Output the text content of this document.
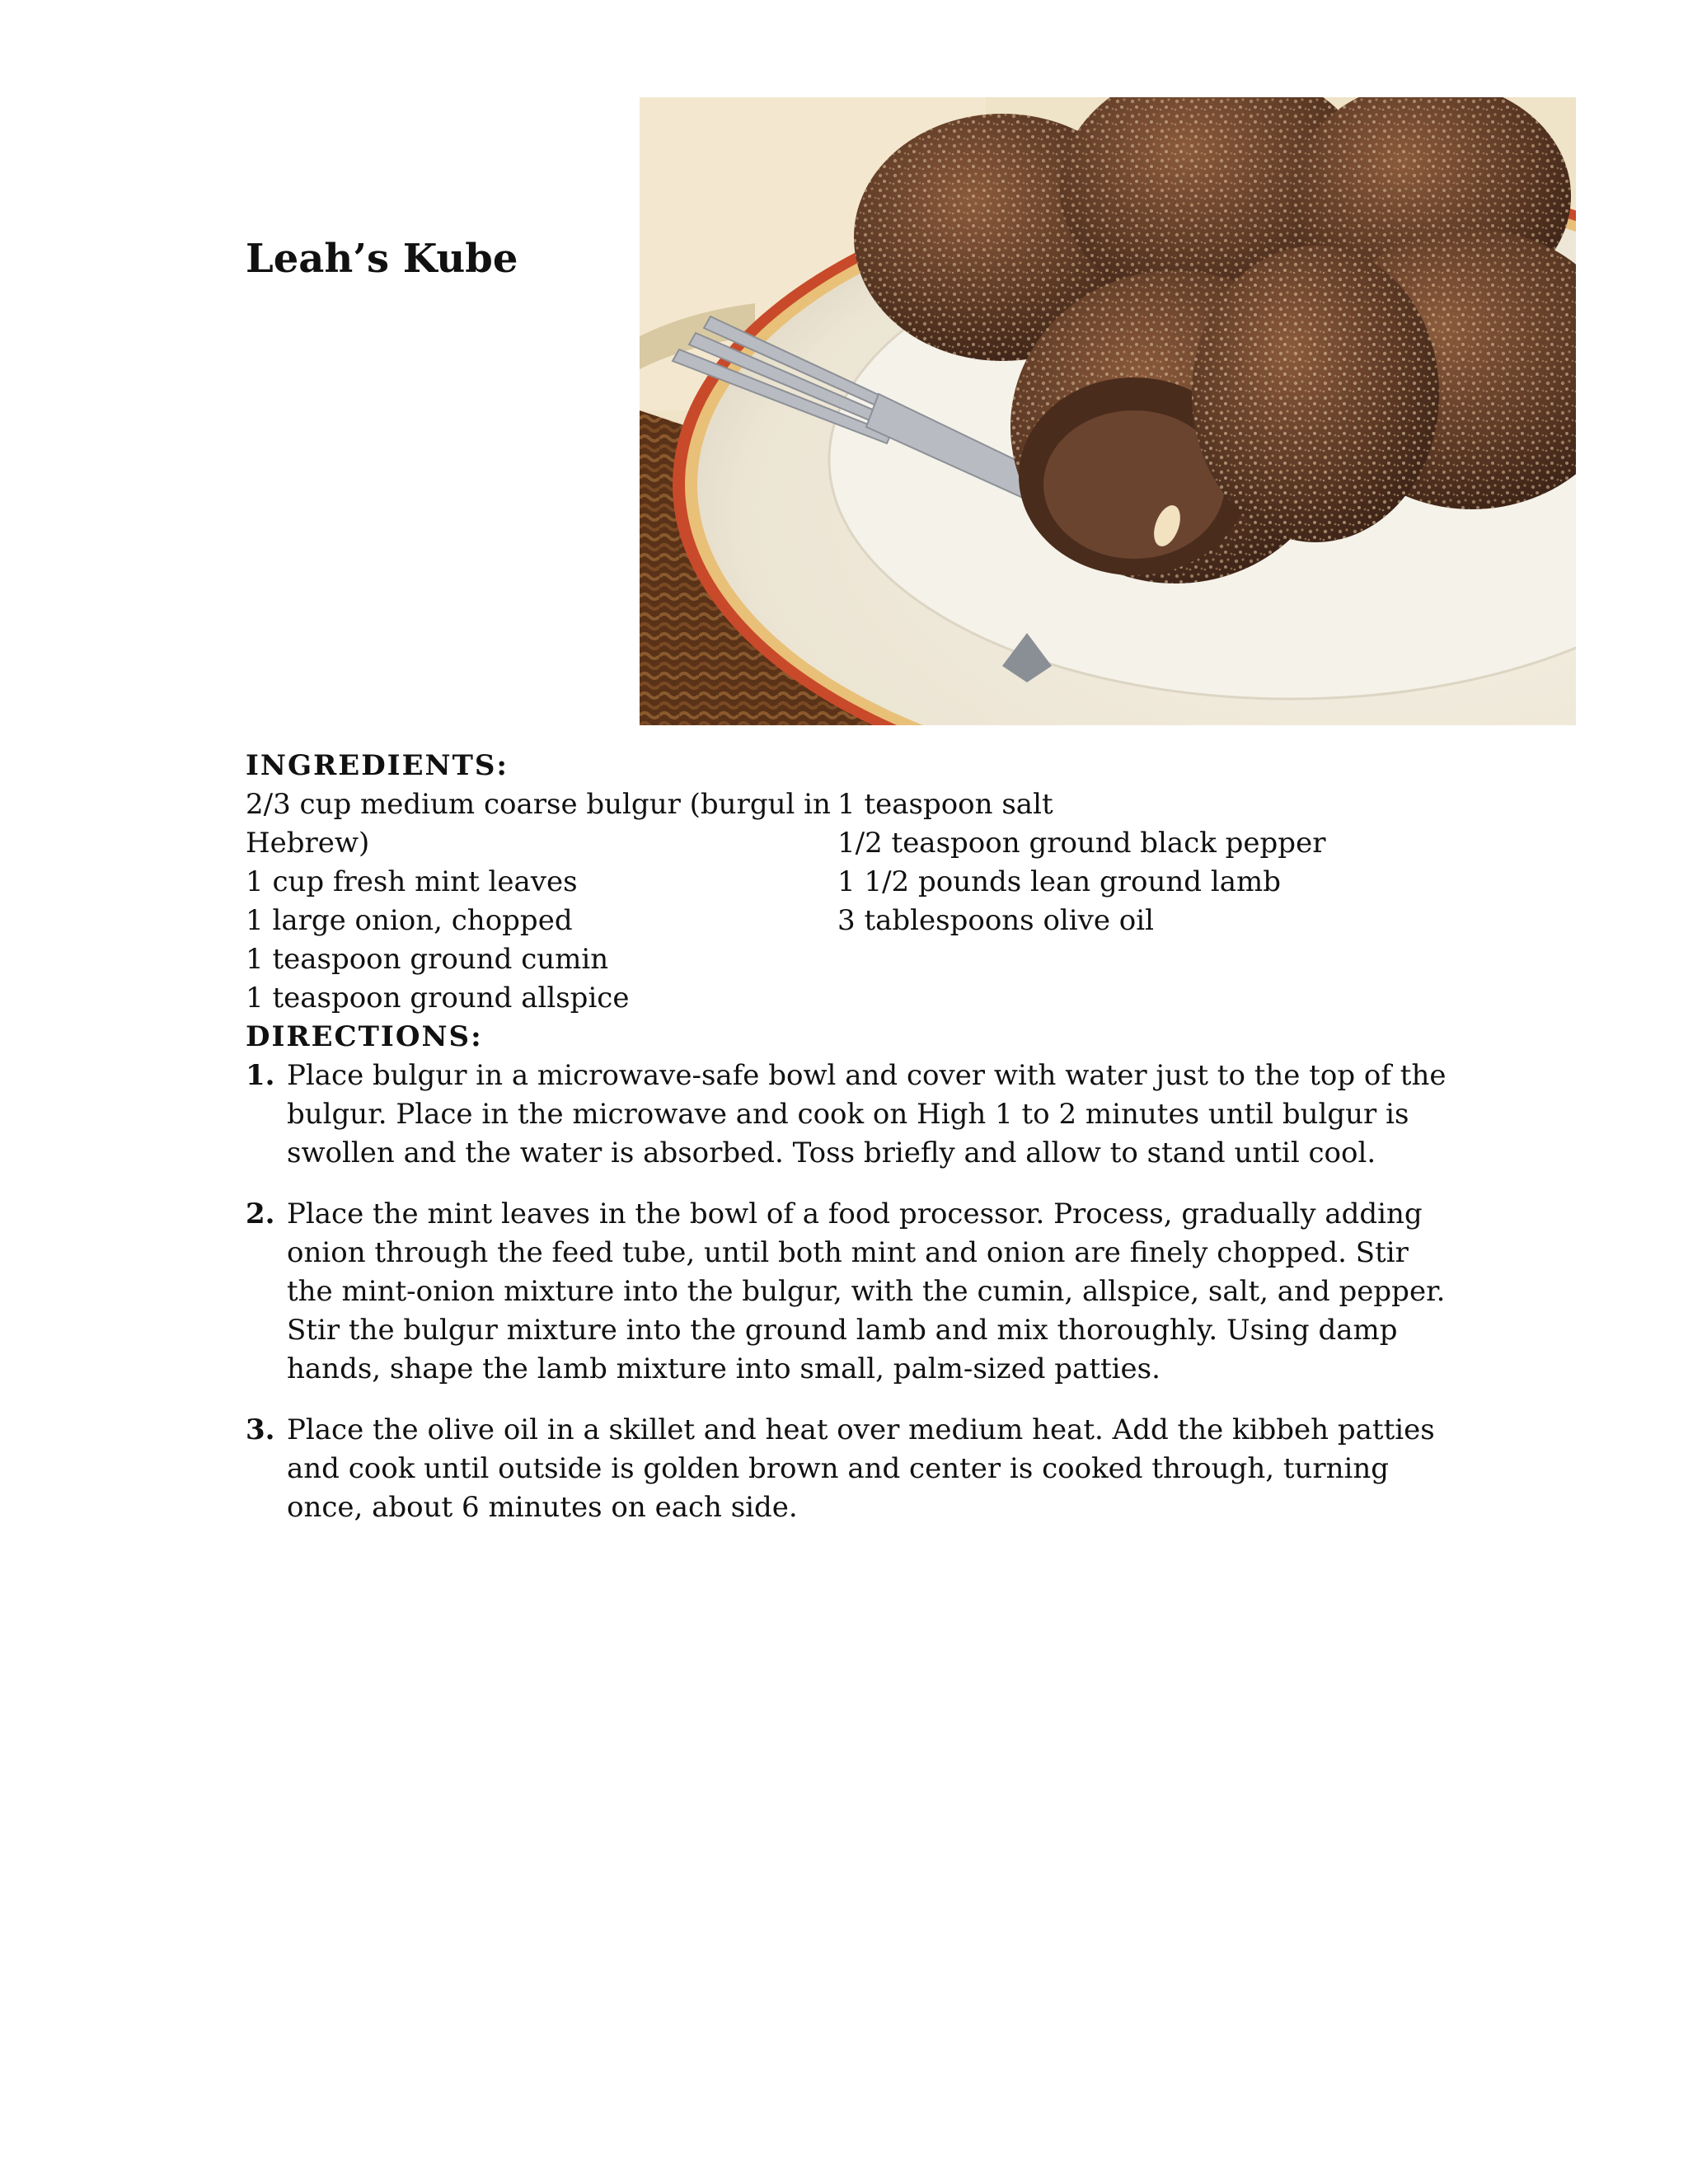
Leah’s Kube
INGREDIENTS:
2/3 cup medium coarse bulgur (burgul in Hebrew)
1 cup fresh mint leaves
1 large onion, chopped
1 teaspoon ground cumin
1 teaspoon ground allspice
1 teaspoon salt
1/2 teaspoon ground black pepper
1 1/2 pounds lean ground lamb
3 tablespoons olive oil
DIRECTIONS:
1. Place bulgur in a microwave-safe bowl and cover with water just to the top of the bulgur. Place in the microwave and cook on High 1 to 2 minutes until bulgur is swollen and the water is absorbed. Toss briefly and allow to stand until cool.
2. Place the mint leaves in the bowl of a food processor. Process, gradually adding onion through the feed tube, until both mint and onion are finely chopped. Stir the mint-onion mixture into the bulgur, with the cumin, allspice, salt, and pepper. Stir the bulgur mixture into the ground lamb and mix thoroughly. Using damp hands, shape the lamb mixture into small, palm-sized patties.
3. Place the olive oil in a skillet and heat over medium heat. Add the kibbeh patties and cook until outside is golden brown and center is cooked through, turning once, about 6 minutes on each side.
